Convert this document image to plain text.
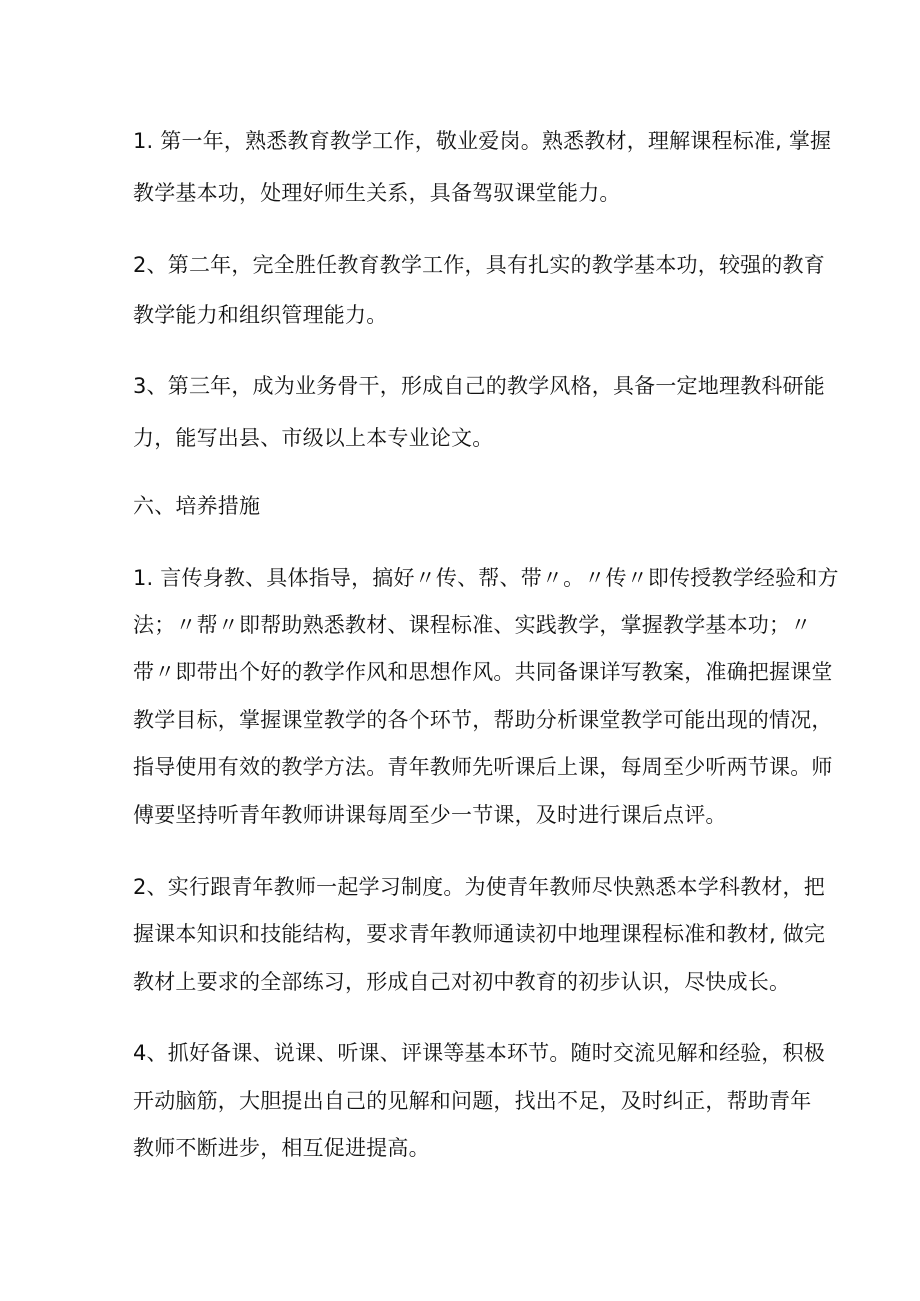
1. 第一年，熟悉教育教学工作，敬业爱岗。熟悉教材，理解课程标准, 掌握
教学基本功，处理好师生关系，具备驾驭课堂能力。
2、第二年，完全胜任教育教学工作，具有扎实的教学基本功，较强的教育
教学能力和组织管理能力。
3、第三年，成为业务骨干，形成自己的教学风格，具备一定地理教科研能
力，能写出县、市级以上本专业论文。
六、培养措施
1. 言传身教、具体指导，搞好〃传、帮、带〃。〃传〃即传授教学经验和方
法；〃帮〃即帮助熟悉教材、课程标准、实践教学，掌握教学基本功；〃
带〃即带出个好的教学作风和思想作风。共同备课详写教案，准确把握课堂
教学目标，掌握课堂教学的各个环节，帮助分析课堂教学可能出现的情况，
指导使用有效的教学方法。青年教师先听课后上课，每周至少听两节课。师
傅要坚持听青年教师讲课每周至少一节课，及时进行课后点评。
2、实行跟青年教师一起学习制度。为使青年教师尽快熟悉本学科教材，把
握课本知识和技能结构，要求青年教师通读初中地理课程标准和教材, 做完
教材上要求的全部练习，形成自己对初中教育的初步认识，尽快成长。
4、抓好备课、说课、听课、评课等基本环节。随时交流见解和经验，积极
开动脑筋，大胆提出自己的见解和问题，找出不足，及时纠正，帮助青年
教师不断进步，相互促进提高。
